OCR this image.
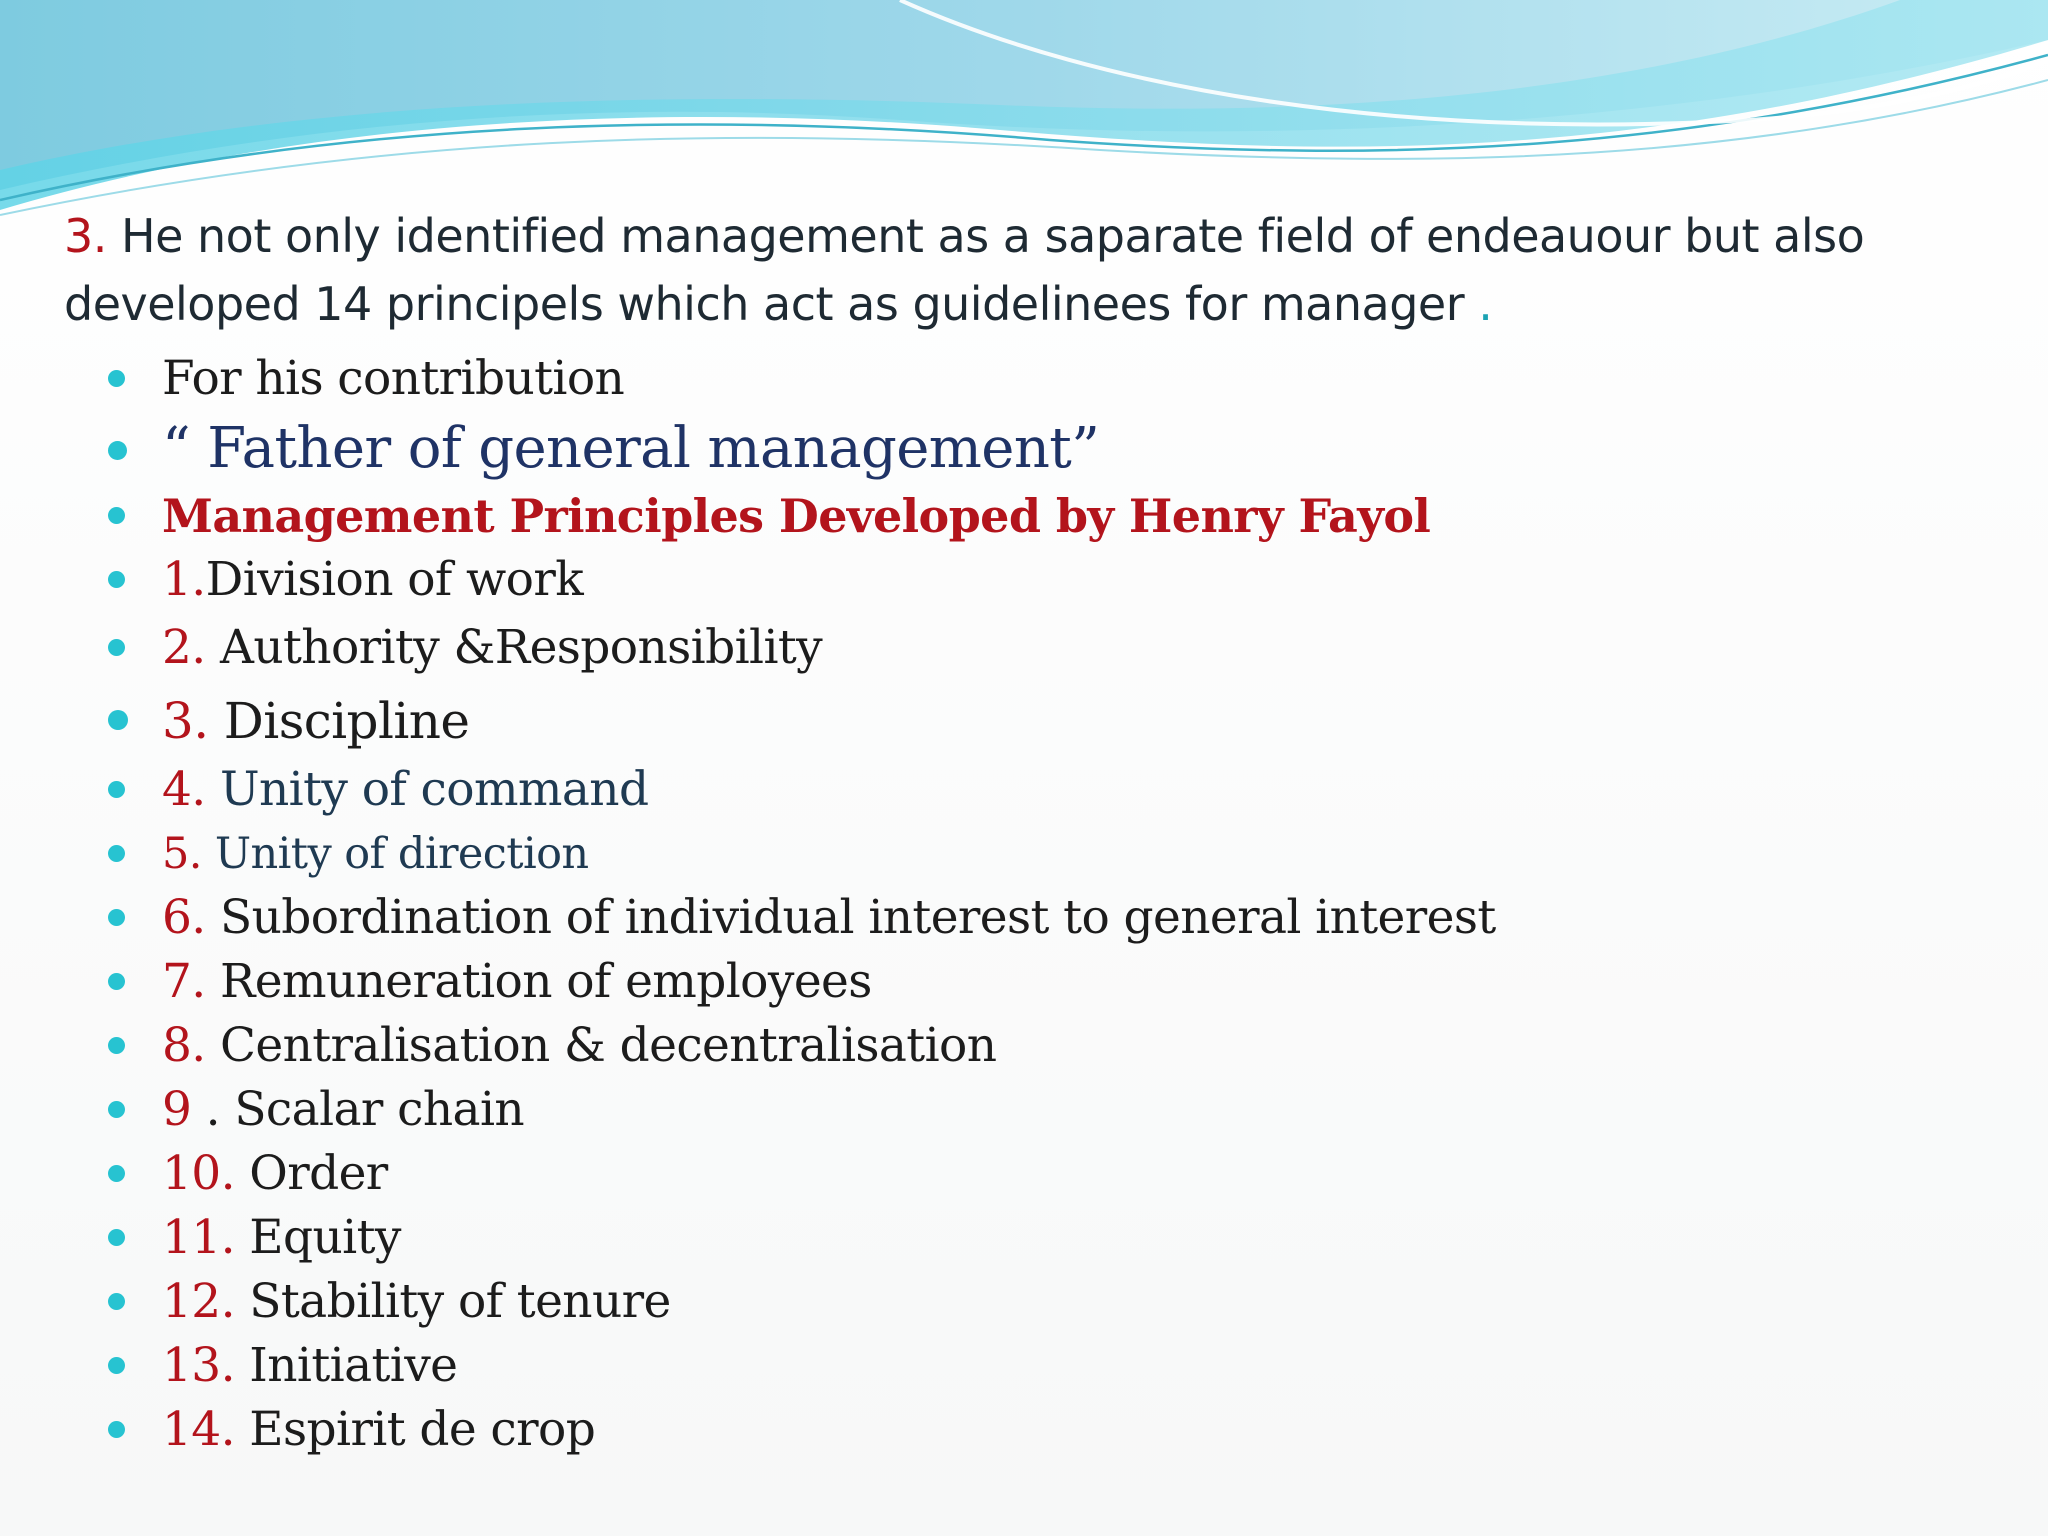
3. He not only identified management as a saparate field of endeauour but also developed 14 principels which act as guidelinees for manager .
For his contribution
“ Father of general management”
Management Principles Developed by Henry Fayol
1.Division of work
2. Authority &Responsibility
3. Discipline
4. Unity of command
5. Unity of direction
6. Subordination of individual interest to general interest
7. Remuneration of employees
8. Centralisation & decentralisation
9 . Scalar chain
10. Order
11. Equity
12. Stability of tenure
13. Initiative
14. Espirit de crop
